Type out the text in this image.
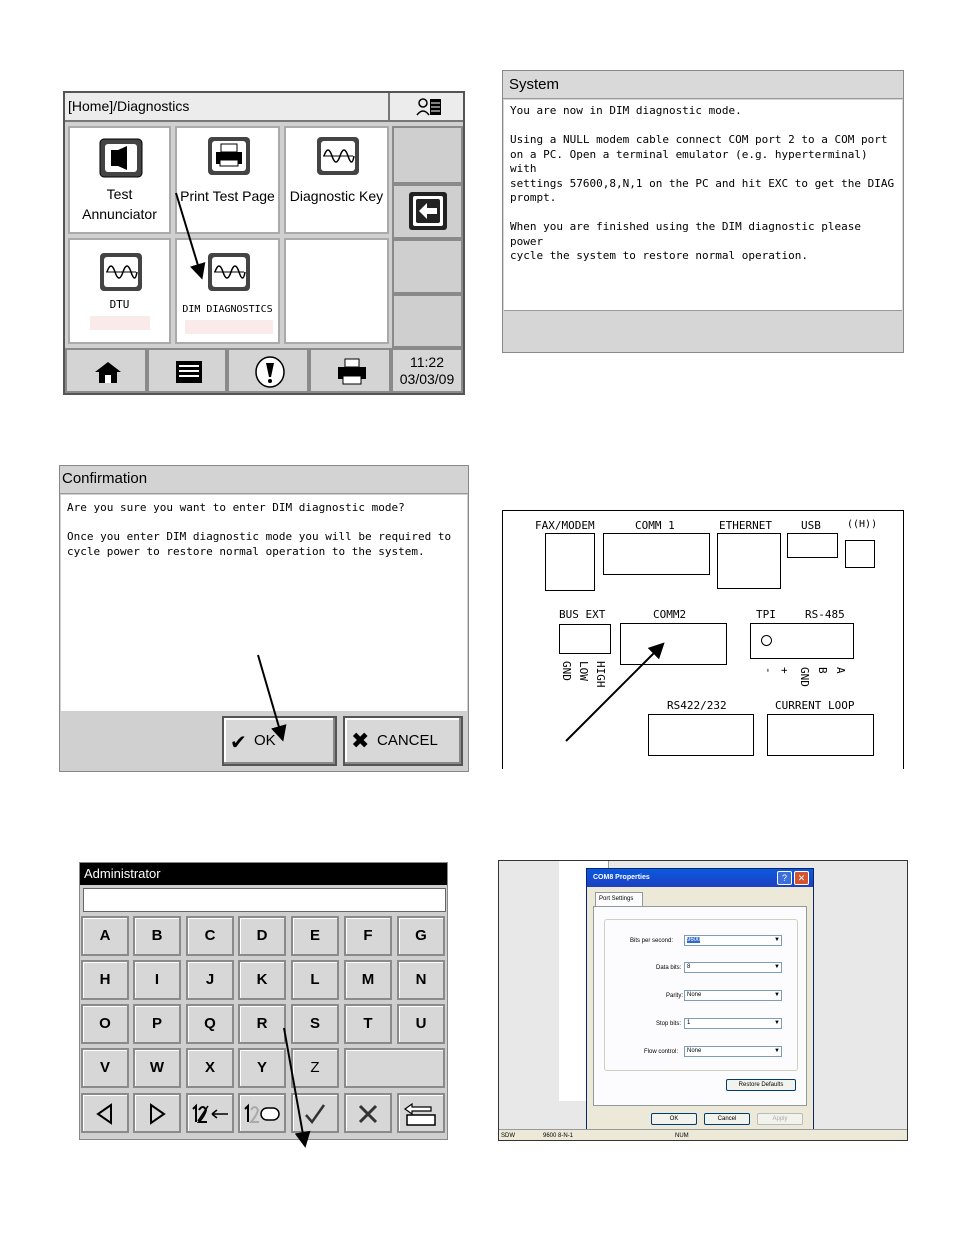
[Home]/Diagnostics
Test
Annunciator
Print Test Page Diagnostic Key
DTU	DIM DIAGNOSTICS
11:22
03/03/09
System
You are now in DIM diagnostic mode.

Using a NULL modem cable connect COM port 2 to a COM port
on a PC. Open a terminal emulator (e.g. hyperterminal) with
settings 57600,8,N,1 on the PC and hit EXC to get the DIAG
prompt.

When you are finished using the DIM diagnostic please power
cycle the system to restore normal operation.
Confirmation
Are you sure you want to enter DIM diagnostic mode?

Once you enter DIM diagnostic mode you will be required to
cycle power to restore normal operation to the system.
✔ OK	✖ CANCEL
FAX/MODEM	COMM 1	ETHERNET	USB	((H))
BUS EXT	COMM2	TPI	RS-485
GND LOW HIGH	- + GND B A
RS422/232	CURRENT LOOP
Administrator
A	B	C	D	E	F	G
H	I	J	K	L	M	N
O	P	Q	R	S	T	U
V	W	X	Y	Z
COM8 Properties	?	✕
Port Settings
Bits per second:	9600	▼
Data bits: 8	▼
Parity: None	▼
Stop bits: 1	▼
Flow control:	None	▼
Restore Defaults
OK	Cancel	Apply
SDW	9600 8-N-1	NUM
